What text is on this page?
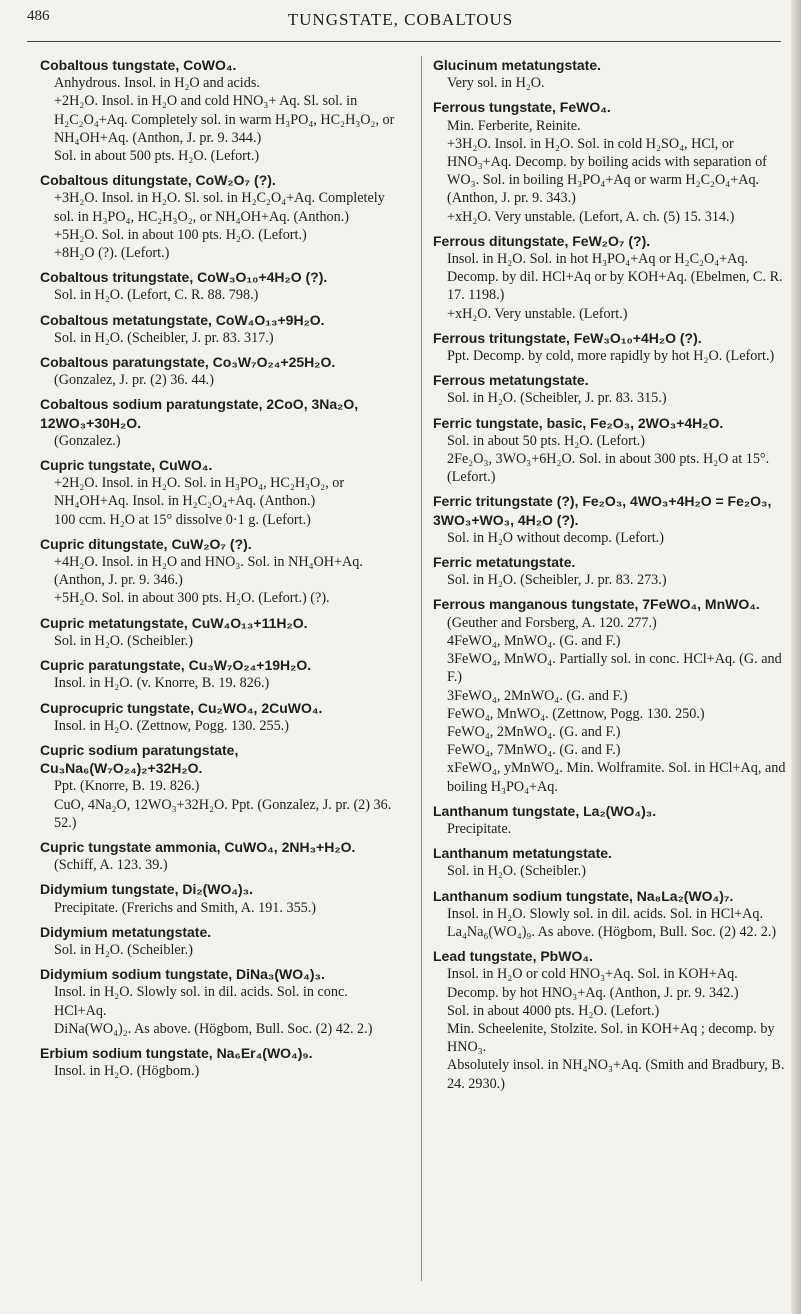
486	TUNGSTATE, COBALTOUS
Cobaltous tungstate, CoWO₄.
Anhydrous. Insol. in H₂O and acids.
+2H₂O. Insol. in H₂O and cold HNO₃+ Aq. Sl. sol. in H₂C₂O₄+Aq. Completely sol. in warm H₃PO₄, HC₂H₃O₂, or NH₄OH+Aq. (Anthon, J. pr. 9. 344.)
Sol. in about 500 pts. H₂O. (Lefort.)
Cobaltous ditungstate, CoW₂O₇ (?).
+3H₂O. Insol. in H₂O. Sl. sol. in H₂C₂O₄+Aq. Completely sol. in H₃PO₄, HC₂H₃O₂, or NH₄OH+Aq. (Anthon.)
+5H₂O. Sol. in about 100 pts. H₂O. (Lefort.)
+8H₂O (?). (Lefort.)
Cobaltous tritungstate, CoW₃O₁₀+4H₂O (?).
Sol. in H₂O. (Lefort, C. R. 88. 798.)
Cobaltous metatungstate, CoW₄O₁₃+9H₂O.
Sol. in H₂O. (Scheibler, J. pr. 83. 317.)
Cobaltous paratungstate, Co₃W₇O₂₄+25H₂O.
(Gonzalez, J. pr. (2) 36. 44.)
Cobaltous sodium paratungstate, 2CoO, 3Na₂O, 12WO₃+30H₂O.
(Gonzalez.)
Cupric tungstate, CuWO₄.
+2H₂O. Insol. in H₂O. Sol. in H₃PO₄, HC₂H₃O₂, or NH₄OH+Aq. Insol. in H₂C₂O₄+Aq. (Anthon.)
100 ccm. H₂O at 15° dissolve 0·1 g. (Lefort.)
Cupric ditungstate, CuW₂O₇ (?).
+4H₂O. Insol. in H₂O and HNO₃. Sol. in NH₄OH+Aq. (Anthon, J. pr. 9. 346.)
+5H₂O. Sol. in about 300 pts. H₂O. (Lefort.) (?).
Cupric metatungstate, CuW₄O₁₃+11H₂O.
Sol. in H₂O. (Scheibler.)
Cupric paratungstate, Cu₃W₇O₂₄+19H₂O.
Insol. in H₂O. (v. Knorre, B. 19. 826.)
Cuprocupric tungstate, Cu₂WO₄, 2CuWO₄.
Insol. in H₂O. (Zettnow, Pogg. 130. 255.)
Cupric sodium paratungstate, Cu₃Na₆(W₇O₂₄)₂+32H₂O.
Ppt. (Knorre, B. 19. 826.)
CuO, 4Na₂O, 12WO₃+32H₂O. Ppt. (Gonzalez, J. pr. (2) 36. 52.)
Cupric tungstate ammonia, CuWO₄, 2NH₃+H₂O.
(Schiff, A. 123. 39.)
Didymium tungstate, Di₂(WO₄)₃.
Precipitate. (Frerichs and Smith, A. 191. 355.)
Didymium metatungstate.
Sol. in H₂O. (Scheibler.)
Didymium sodium tungstate, DiNa₃(WO₄)₃.
Insol. in H₂O. Slowly sol. in dil. acids. Sol. in conc. HCl+Aq.
DiNa(WO₄)₂. As above. (Högbom, Bull. Soc. (2) 42. 2.)
Erbium sodium tungstate, Na₆Er₄(WO₄)₉.
Insol. in H₂O. (Högbom.)
Glucinum metatungstate.
Very sol. in H₂O.
Ferrous tungstate, FeWO₄.
Min. Ferberite, Reinite.
+3H₂O. Insol. in H₂O. Sol. in cold H₂SO₄, HCl, or HNO₃+Aq. Decomp. by boiling acids with separation of WO₃. Sol. in boiling H₃PO₄+Aq or warm H₂C₂O₄+Aq. (Anthon, J. pr. 9. 343.)
+xH₂O. Very unstable. (Lefort, A. ch. (5) 15. 314.)
Ferrous ditungstate, FeW₂O₇ (?).
Insol. in H₂O. Sol. in hot H₃PO₄+Aq or H₂C₂O₄+Aq. Decomp. by dil. HCl+Aq or by KOH+Aq. (Ebelmen, C. R. 17. 1198.)
+xH₂O. Very unstable. (Lefort.)
Ferrous tritungstate, FeW₃O₁₀+4H₂O (?).
Ppt. Decomp. by cold, more rapidly by hot H₂O. (Lefort.)
Ferrous metatungstate.
Sol. in H₂O. (Scheibler, J. pr. 83. 315.)
Ferric tungstate, basic, Fe₂O₃, 2WO₃+4H₂O.
Sol. in about 50 pts. H₂O. (Lefort.)
2Fe₂O₃, 3WO₃+6H₂O. Sol. in about 300 pts. H₂O at 15°. (Lefort.)
Ferric tritungstate (?), Fe₂O₃, 4WO₃+4H₂O = Fe₂O₃, 3WO₃+WO₃, 4H₂O (?).
Sol. in H₂O without decomp. (Lefort.)
Ferric metatungstate.
Sol. in H₂O. (Scheibler, J. pr. 83. 273.)
Ferrous manganous tungstate, 7FeWO₄, MnWO₄.
(Geuther and Forsberg, A. 120. 277.)
4FeWO₄, MnWO₄. (G. and F.)
3FeWO₄, MnWO₄. Partially sol. in conc. HCl+Aq. (G. and F.)
3FeWO₄, 2MnWO₄. (G. and F.)
FeWO₄, MnWO₄. (Zettnow, Pogg. 130. 250.)
FeWO₄, 2MnWO₄. (G. and F.)
FeWO₄, 7MnWO₄. (G. and F.)
xFeWO₄, yMnWO₄. Min. Wolframite. Sol. in HCl+Aq, and boiling H₃PO₄+Aq.
Lanthanum tungstate, La₂(WO₄)₃.
Precipitate.
Lanthanum metatungstate.
Sol. in H₂O. (Scheibler.)
Lanthanum sodium tungstate, Na₈La₂(WO₄)₇.
Insol. in H₂O. Slowly sol. in dil. acids. Sol. in HCl+Aq.
La₄Na₆(WO₄)₉. As above. (Högbom, Bull. Soc. (2) 42. 2.)
Lead tungstate, PbWO₄.
Insol. in H₂O or cold HNO₃+Aq. Sol. in KOH+Aq. Decomp. by hot HNO₃+Aq. (Anthon, J. pr. 9. 342.)
Sol. in about 4000 pts. H₂O. (Lefort.)
Min. Scheelenite, Stolzite. Sol. in KOH+Aq ; decomp. by HNO₃.
Absolutely insol. in NH₄NO₃+Aq. (Smith and Bradbury, B. 24. 2930.)
